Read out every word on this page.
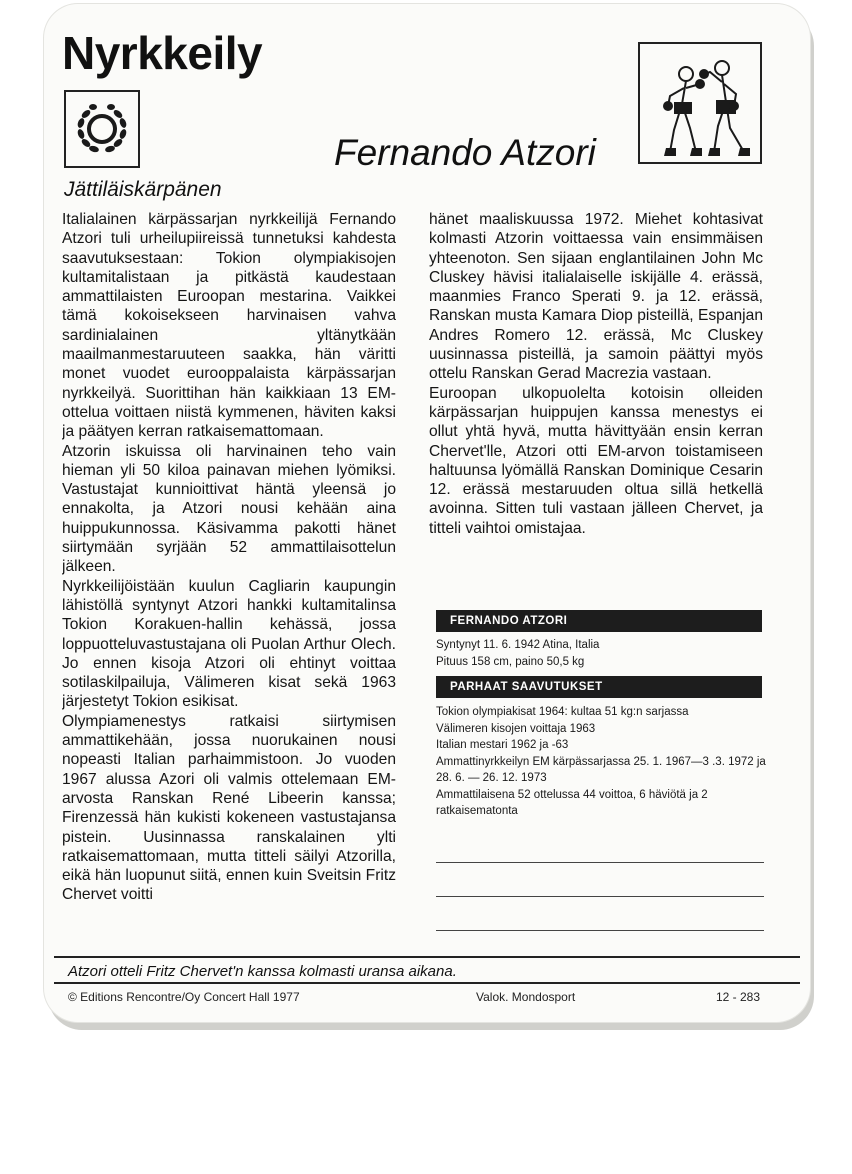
Nyrkkeily
Fernando Atzori
Jättiläiskärpänen

Italialainen kärpässarjan nyrkkeilijä Fernando Atzori tuli urheilupiireissä tunnetuksi kahdesta saavutuksestaan: Tokion olympiakisojen kultamitalistaan ja pitkästä kaudestaan ammattilaisten Euroopan mestarina. Vaikkei tämä kokoisekseen harvinaisen vahva sardinialainen yltänytkään maailmanmestaruuteen saakka, hän väritti monet vuodet eurooppalaista kärpässarjan nyrkkeilyä. Suorittihan hän kaikkiaan 13 EM-ottelua voittaen niistä kymmenen, häviten kaksi ja päätyen kerran ratkaisemattomaan.

Atzorin iskuissa oli harvinainen teho vain hieman yli 50 kiloa painavan miehen lyömiksi. Vastustajat kunnioittivat häntä yleensä jo ennakolta, ja Atzori nousi kehään aina huippukunnossa. Käsivamma pakotti hänet siirtymään syrjään 52 ammattilaisottelun jälkeen.

Nyrkkeilijöistään kuulun Cagliarin kaupungin lähistöllä syntynyt Atzori hankki kultamitalinsa Tokion Korakuen-hallin kehässä, jossa loppuotteluvastustajana oli Puolan Arthur Olech. Jo ennen kisoja Atzori oli ehtinyt voittaa sotilaskilpailuja, Välimeren kisat sekä 1963 järjestetyt Tokion esikisat.

Olympiamenestys ratkaisi siirtymisen ammattikehään, jossa nuorukainen nousi nopeasti Italian parhaimmistoon. Jo vuoden 1967 alussa Azori oli valmis ottelemaan EM-arvosta Ranskan René Libeerin kanssa; Firenzessä hän kukisti kokeneen vastustajansa pistein. Uusinnassa ranskalainen ylti ratkaisemattomaan, mutta titteli säilyi Atzorilla, eikä hän luopunut siitä, ennen kuin Sveitsin Fritz Chervet voitti

hänet maaliskuussa 1972. Miehet kohtasivat kolmasti Atzorin voittaessa vain ensimmäisen yhteenoton. Sen sijaan englantilainen John Mc Cluskey hävisi italialaiselle iskijälle 4. erässä, maanmies Franco Sperati 9. ja 12. erässä, Ranskan musta Kamara Diop pisteillä, Espanjan Andres Romero 12. erässä, Mc Cluskey uusinnassa pisteillä, ja samoin päättyi myös ottelu Ranskan Gerad Macrezia vastaan.

Euroopan ulkopuolelta kotoisin olleiden kärpässarjan huippujen kanssa menestys ei ollut yhtä hyvä, mutta hävittyään ensin kerran Chervet'lle, Atzori otti EM-arvon toistamiseen haltuunsa lyömällä Ranskan Dominique Cesarin 12. erässä mestaruuden oltua sillä hetkellä avoinna. Sitten tuli vastaan jälleen Chervet, ja titteli vaihtoi omistajaa.

FERNANDO ATZORI
Syntynyt 11. 6. 1942 Atina, Italia
Pituus 158 cm, paino 50,5 kg
PARHAAT SAAVUTUKSET
Tokion olympiakisat 1964: kultaa 51 kg:n sarjassa
Välimeren kisojen voittaja 1963
Italian mestari 1962 ja -63
Ammattinyrkkeilyn EM kärpässarjassa 25. 1. 1967—3 .3. 1972 ja 28. 6. — 26. 12. 1973
Ammattilaisena 52 ottelussa 44 voittoa, 6 häviötä ja 2 ratkaisematonta
Atzori otteli Fritz Chervet'n kanssa kolmasti uransa aikana.
© Editions Rencontre/Oy Concert Hall 1977	Valok. Mondosport	12 - 283
